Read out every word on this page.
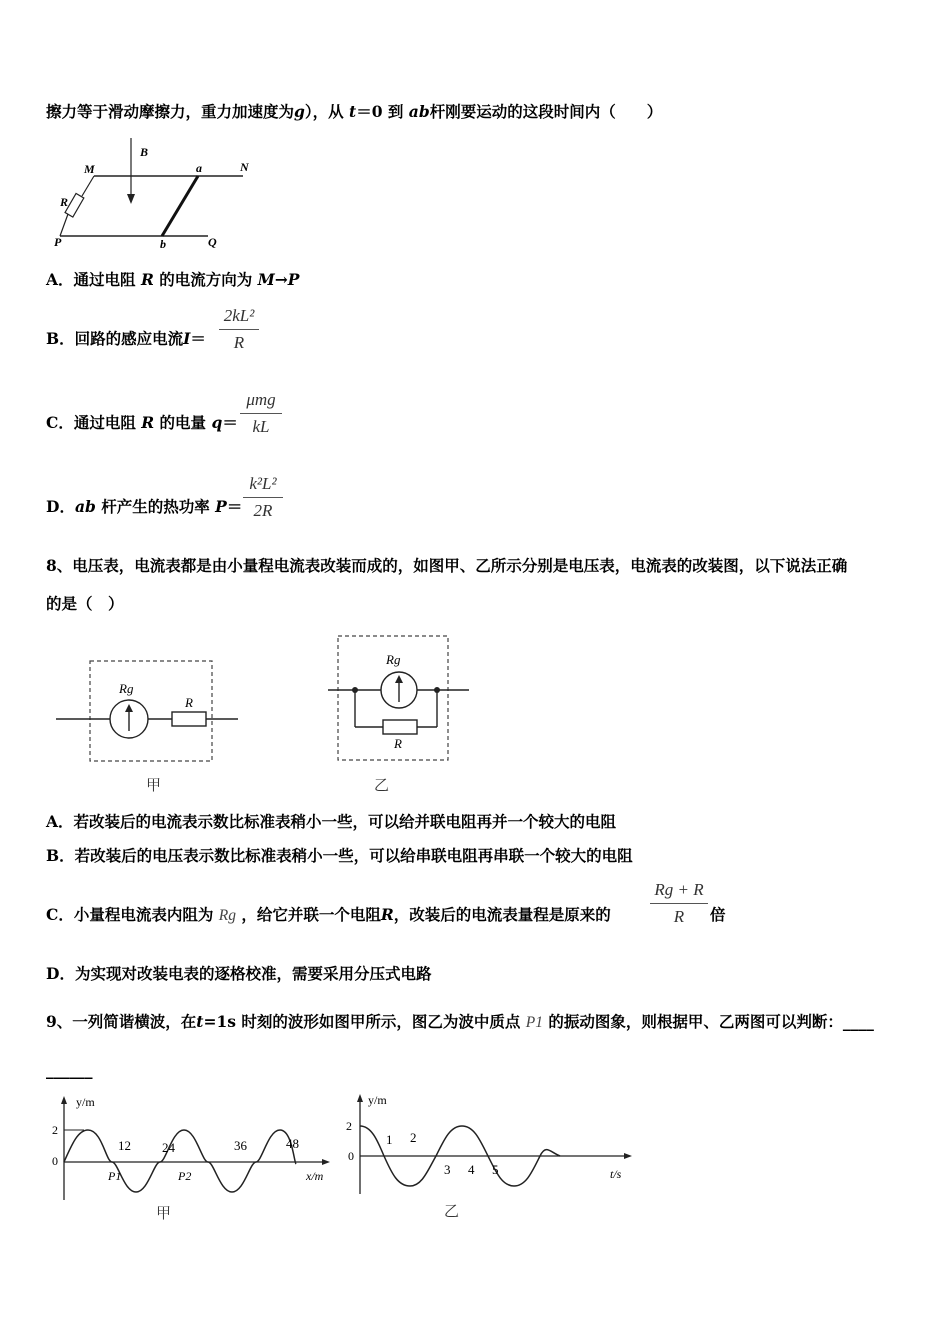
擦力等于滑动摩擦力，重力加速度为g），从 t＝0 到 ab杆刚要运动的这段时间内（　　）
B
M	a	N
R
P	b	Q
A．通过电阻 R 的电流方向为 M→P
B．回路的感应电流I＝
2kL²
R
C．通过电阻 R 的电量 q＝
μmg
kL
D．ab 杆产生的热功率 P＝
k²L²
2R
8、电压表，电流表都是由小量程电流表改装而成的，如图甲、乙所示分别是电压表，电流表的改装图，以下说法正确
的是（　）
Rg
R
甲
Rg
R
乙
A．若改装后的电流表示数比标准表稍小一些，可以给并联电阻再并一个较大的电阻
B．若改装后的电压表示数比标准表稍小一些，可以给串联电阻再串联一个较大的电阻
C．小量程电流表内阻为 Rg ，给它并联一个电阻R，改装后的电流表量程是原来的
Rg + R
R	倍
D．为实现对改装电表的逐格校准，需要采用分压式电路
9、一列简谐横波，在t=1s 时刻的波形如图甲所示，图乙为波中质点 P1 的振动图象，则根据甲、乙两图可以判断：____
______
y/m
x/m
2
0
12 24	36	48
P1	P2
甲
y/m
t/s
2
0
1 2
3 4 5
乙
